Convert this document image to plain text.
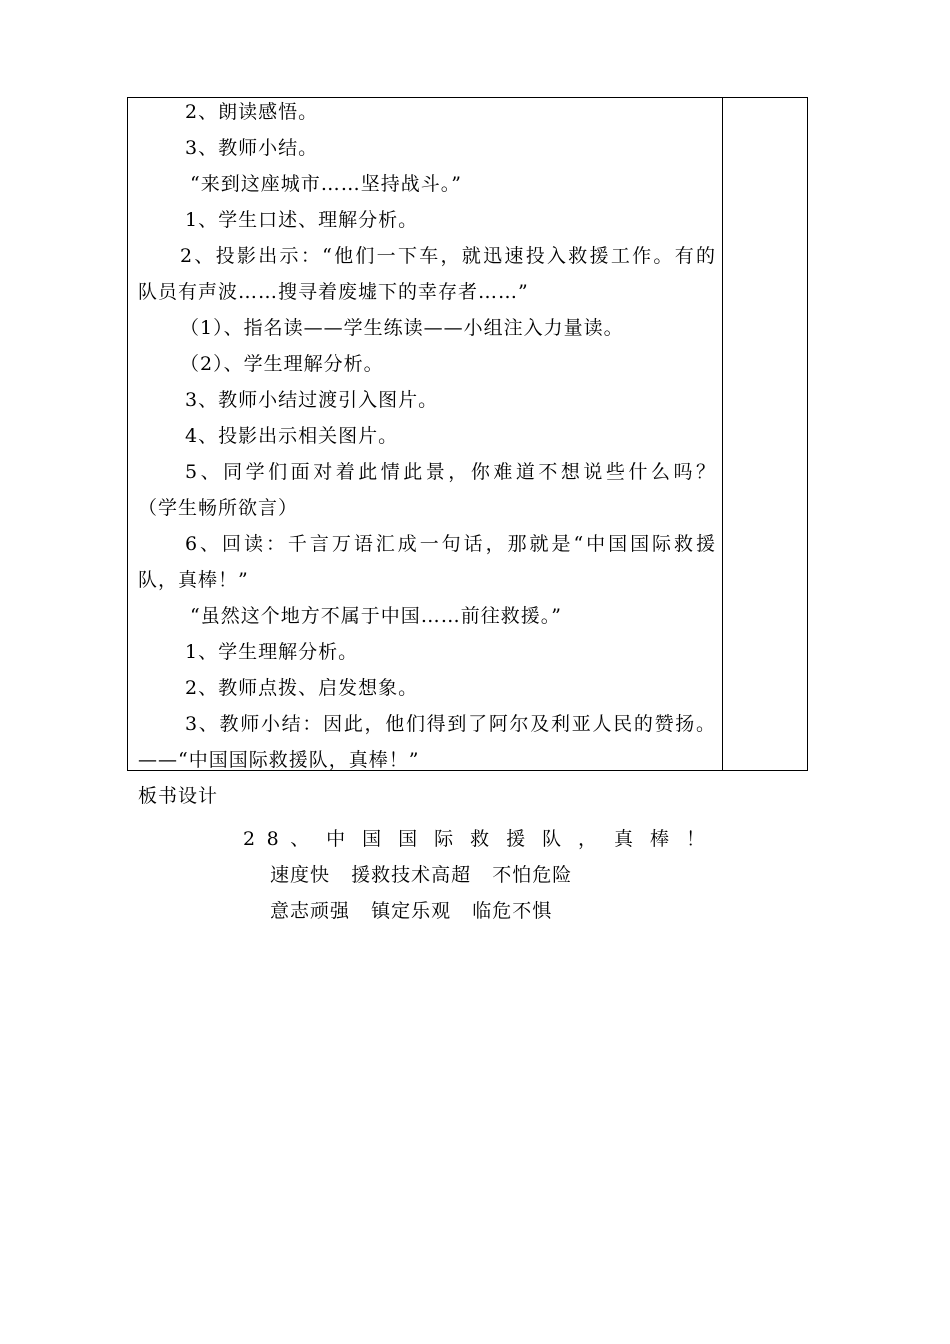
2、朗读感悟。
3、教师小结。
“来到这座城市……坚持战斗。”
1、学生口述、理解分析。
2、投影出示：“他们一下车，就迅速投入救援工作。有的
队员有声波……搜寻着废墟下的幸存者……”
（1）、指名读——学生练读——小组注入力量读。
（2）、学生理解分析。
3、教师小结过渡引入图片。
4、投影出示相关图片。
5、同学们面对着此情此景，你难道不想说些什么吗？
（学生畅所欲言）
6、回读：千言万语汇成一句话，那就是“中国国际救援
队，真棒！”
“虽然这个地方不属于中国……前往救援。”
1、学生理解分析。
2、教师点拨、启发想象。
3、教师小结：因此，他们得到了阿尔及利亚人民的赞扬。
——“中国国际救援队，真棒！”
板书设计
2 8 、 中 国 国 际 救 援 队 ， 真 棒 ！
速度快   援救技术高超   不怕危险
意志顽强   镇定乐观   临危不惧
